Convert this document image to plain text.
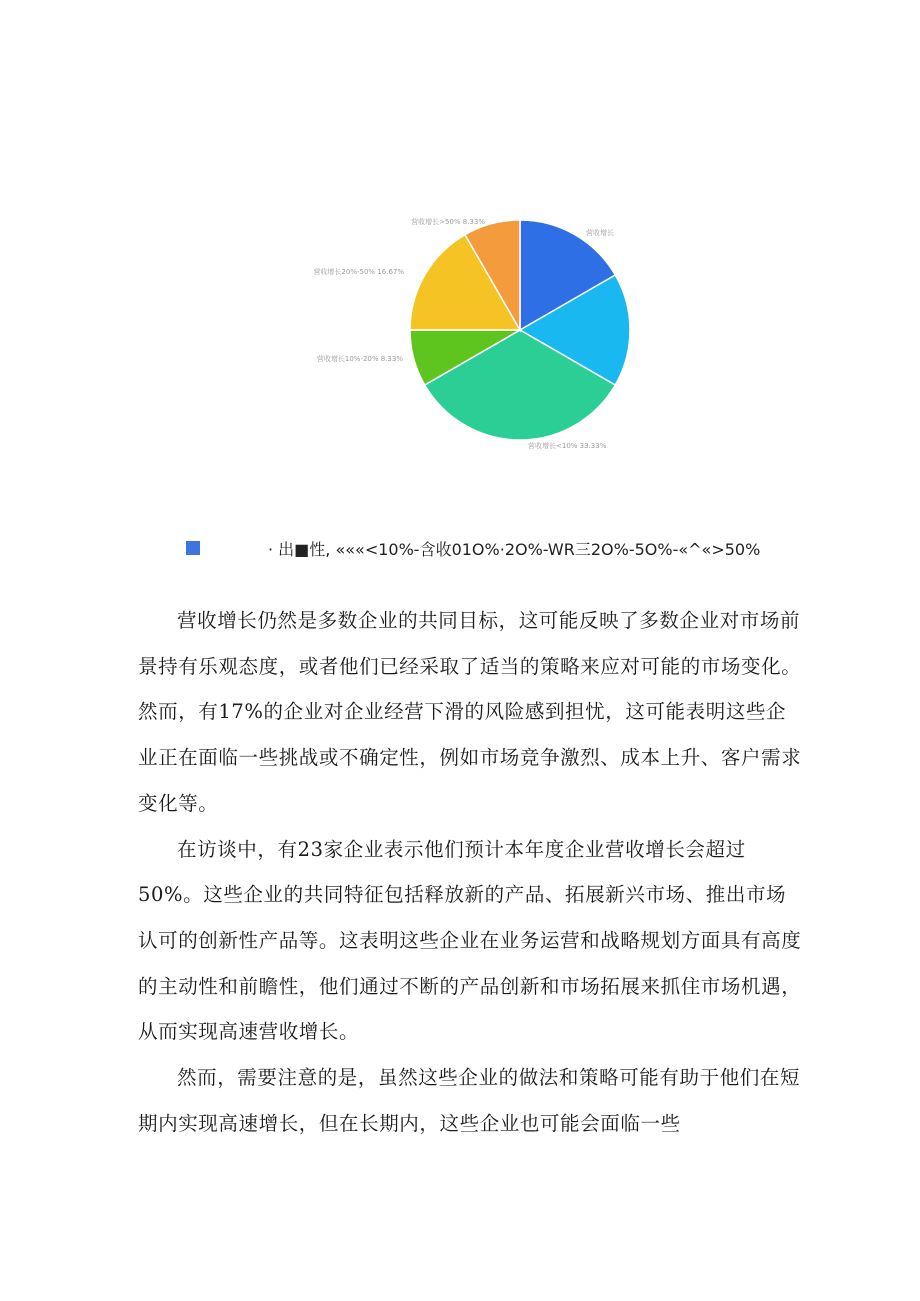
营收增长
营收增长<10% 33.33%
营收增长10%-20% 8.33%
营收增长20%-50% 16.67%
营收增长>50% 8.33%
· 出■性, «««<10%-含收01O%·2O%-WR三2O%-5O%-«^«>50%

营收增长仍然是多数企业的共同目标，这可能反映了多数企业对市场前景持有乐观态度，或者他们已经采取了适当的策略来应对可能的市场变化。然而，有17%的企业对企业经营下滑的风险感到担忧，这可能表明这些企业正在面临一些挑战或不确定性，例如市场竞争激烈、成本上升、客户需求变化等。

在访谈中，有23家企业表示他们预计本年度企业营收增长会超过50%。这些企业的共同特征包括释放新的产品、拓展新兴市场、推出市场认可的创新性产品等。这表明这些企业在业务运营和战略规划方面具有高度的主动性和前瞻性，他们通过不断的产品创新和市场拓展来抓住市场机遇，从而实现高速营收增长。

然而，需要注意的是，虽然这些企业的做法和策略可能有助于他们在短期内实现高速增长，但在长期内，这些企业也可能会面临一些
